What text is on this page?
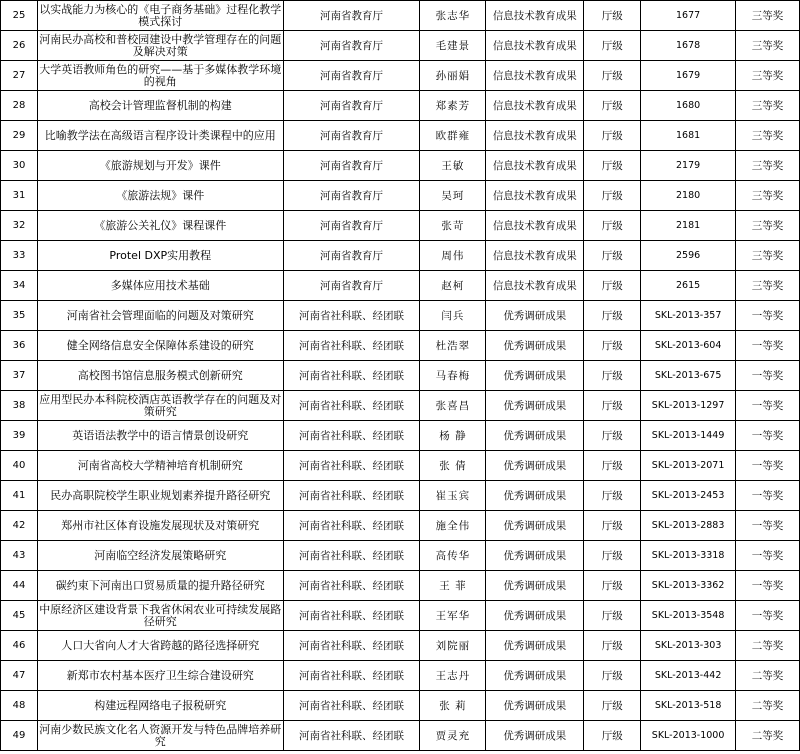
25	以实战能力为核心的《电子商务基础》过程化教学模式探讨	河南省教育厅	张志华	信息技术教育成果	厅级	1677	三等奖
26	河南民办高校和普校园建设中教学管理存在的问题及解决对策	河南省教育厅	毛建景	信息技术教育成果	厅级	1678	三等奖
27	大学英语教师角色的研究——基于多媒体教学环境的视角	河南省教育厅	孙丽娟	信息技术教育成果	厅级	1679	三等奖
28	高校会计管理监督机制的构建	河南省教育厅	郑素芳	信息技术教育成果	厅级	1680	三等奖
29	比喻教学法在高级语言程序设计类课程中的应用	河南省教育厅	欧群雍	信息技术教育成果	厅级	1681	三等奖
30	《旅游规划与开发》课件	河南省教育厅	王敏	信息技术教育成果	厅级	2179	三等奖
31	《旅游法规》课件	河南省教育厅	吴珂	信息技术教育成果	厅级	2180	三等奖
32	《旅游公关礼仪》课程课件	河南省教育厅	张苛	信息技术教育成果	厅级	2181	三等奖
33	Protel DXP实用教程	河南省教育厅	周伟	信息技术教育成果	厅级	2596	三等奖
34	多媒体应用技术基础	河南省教育厅	赵柯	信息技术教育成果	厅级	2615	三等奖
35	河南省社会管理面临的问题及对策研究	河南省社科联、经团联	闫兵	优秀调研成果	厅级	SKL-2013-357	一等奖
36	健全网络信息安全保障体系建设的研究	河南省社科联、经团联	杜浩翠	优秀调研成果	厅级	SKL-2013-604	一等奖
37	高校图书馆信息服务模式创新研究	河南省社科联、经团联	马春梅	优秀调研成果	厅级	SKL-2013-675	一等奖
38	应用型民办本科院校酒店英语教学存在的问题及对策研究	河南省社科联、经团联	张喜昌	优秀调研成果	厅级	SKL-2013-1297	一等奖
39	英语语法教学中的语言情景创设研究	河南省社科联、经团联	杨 静	优秀调研成果	厅级	SKL-2013-1449	一等奖
40	河南省高校大学精神培育机制研究	河南省社科联、经团联	张 倩	优秀调研成果	厅级	SKL-2013-2071	一等奖
41	民办高职院校学生职业规划素养提升路径研究	河南省社科联、经团联	崔玉宾	优秀调研成果	厅级	SKL-2013-2453	一等奖
42	郑州市社区体育设施发展现状及对策研究	河南省社科联、经团联	施全伟	优秀调研成果	厅级	SKL-2013-2883	一等奖
43	河南临空经济发展策略研究	河南省社科联、经团联	高传华	优秀调研成果	厅级	SKL-2013-3318	一等奖
44	碳约束下河南出口贸易质量的提升路径研究	河南省社科联、经团联	王 菲	优秀调研成果	厅级	SKL-2013-3362	一等奖
45	中原经济区建设背景下我省休闲农业可持续发展路径研究	河南省社科联、经团联	王军华	优秀调研成果	厅级	SKL-2013-3548	一等奖
46	人口大省向人才大省跨越的路径选择研究	河南省社科联、经团联	刘院丽	优秀调研成果	厅级	SKL-2013-303	二等奖
47	新郑市农村基本医疗卫生综合建设研究	河南省社科联、经团联	王志丹	优秀调研成果	厅级	SKL-2013-442	二等奖
48	构建远程网络电子报税研究	河南省社科联、经团联	张 莉	优秀调研成果	厅级	SKL-2013-518	二等奖
49	河南少数民族文化名人资源开发与特色品牌培养研究	河南省社科联、经团联	贾灵充	优秀调研成果	厅级	SKL-2013-1000	二等奖
